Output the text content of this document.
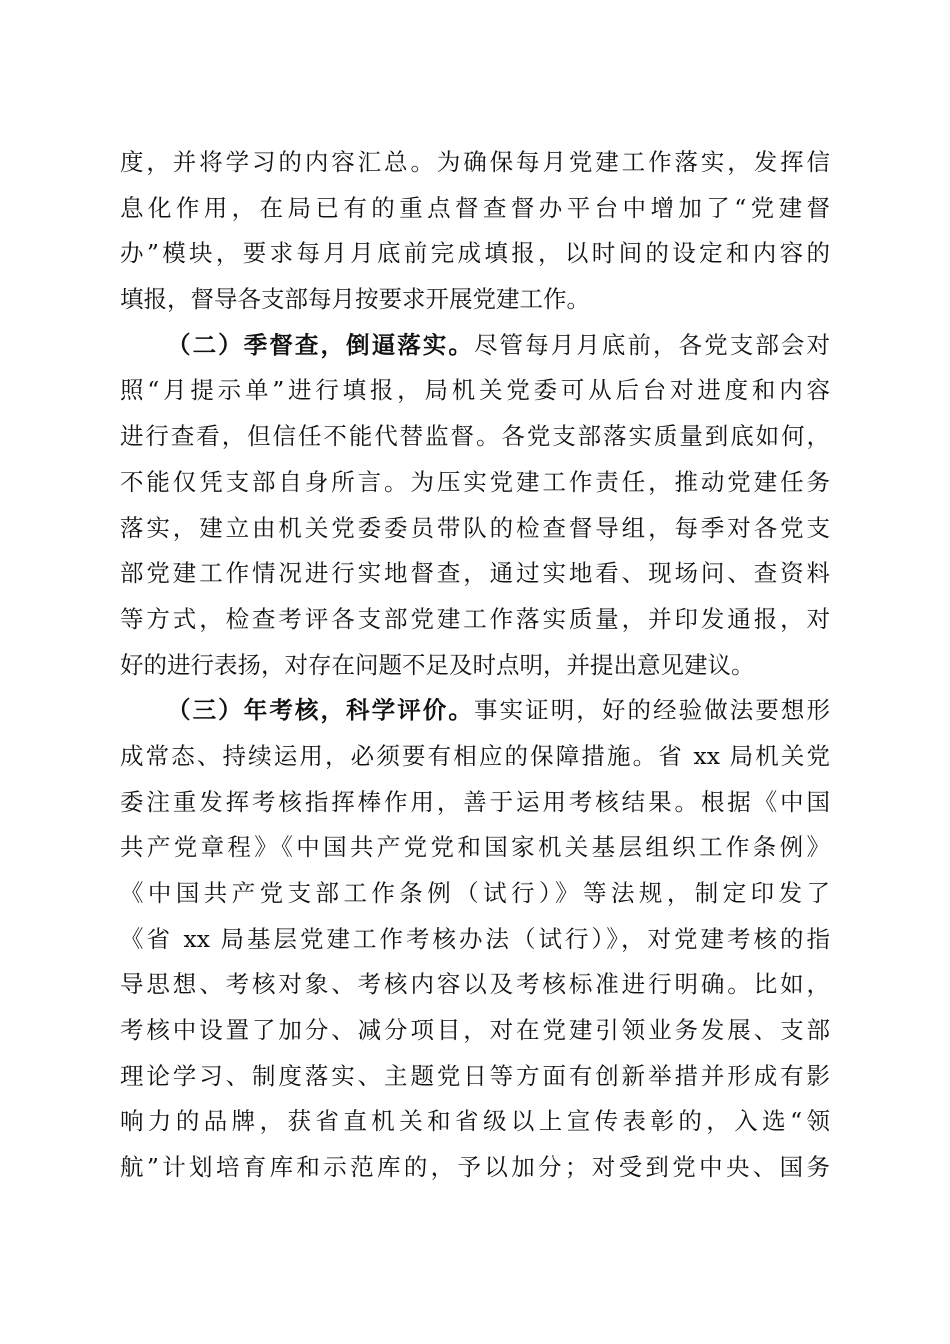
度，并将学习的内容汇总。为确保每月党建工作落实，发挥信
息化作用，在局已有的重点督查督办平台中增加了“党建督
办”模块，要求每月月底前完成填报，以时间的设定和内容的
填报，督导各支部每月按要求开展党建工作。
（二）季督查，倒逼落实。尽管每月月底前，各党支部会对
照“月提示单”进行填报，局机关党委可从后台对进度和内容
进行查看，但信任不能代替监督。各党支部落实质量到底如何，
不能仅凭支部自身所言。为压实党建工作责任，推动党建任务
落实，建立由机关党委委员带队的检查督导组，每季对各党支
部党建工作情况进行实地督查，通过实地看、现场问、查资料
等方式，检查考评各支部党建工作落实质量，并印发通报，对
好的进行表扬，对存在问题不足及时点明，并提出意见建议。
（三）年考核，科学评价。事实证明，好的经验做法要想形
成常态、持续运用，必须要有相应的保障措施。省 xx 局机关党
委注重发挥考核指挥棒作用，善于运用考核结果。根据《中国
共产党章程》《中国共产党党和国家机关基层组织工作条例》
《中国共产党支部工作条例（试行）》等法规，制定印发了
《省 xx 局基层党建工作考核办法（试行）》，对党建考核的指
导思想、考核对象、考核内容以及考核标准进行明确。比如，
考核中设置了加分、减分项目，对在党建引领业务发展、支部
理论学习、制度落实、主题党日等方面有创新举措并形成有影
响力的品牌，获省直机关和省级以上宣传表彰的，入选“领
航”计划培育库和示范库的，予以加分；对受到党中央、国务
